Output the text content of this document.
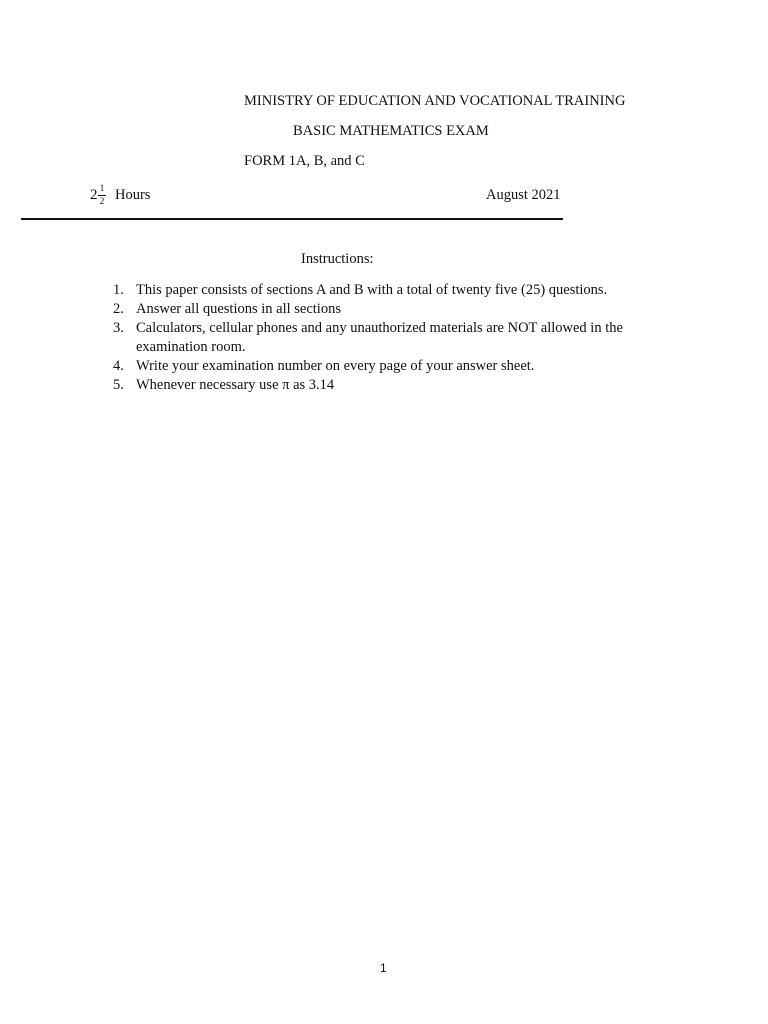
MINISTRY OF EDUCATION AND VOCATIONAL TRAINING
BASIC MATHEMATICS EXAM
FORM 1A, B, and C
2 1
2 Hours	August 2021
Instructions:
1. This paper consists of sections A and B with a total of twenty five (25) questions.
2. Answer all questions in all sections
3. Calculators, cellular phones and any unauthorized materials are NOT allowed in the examination room.
4. Write your examination number on every page of your answer sheet.
5. Whenever necessary use π as 3.14
1
